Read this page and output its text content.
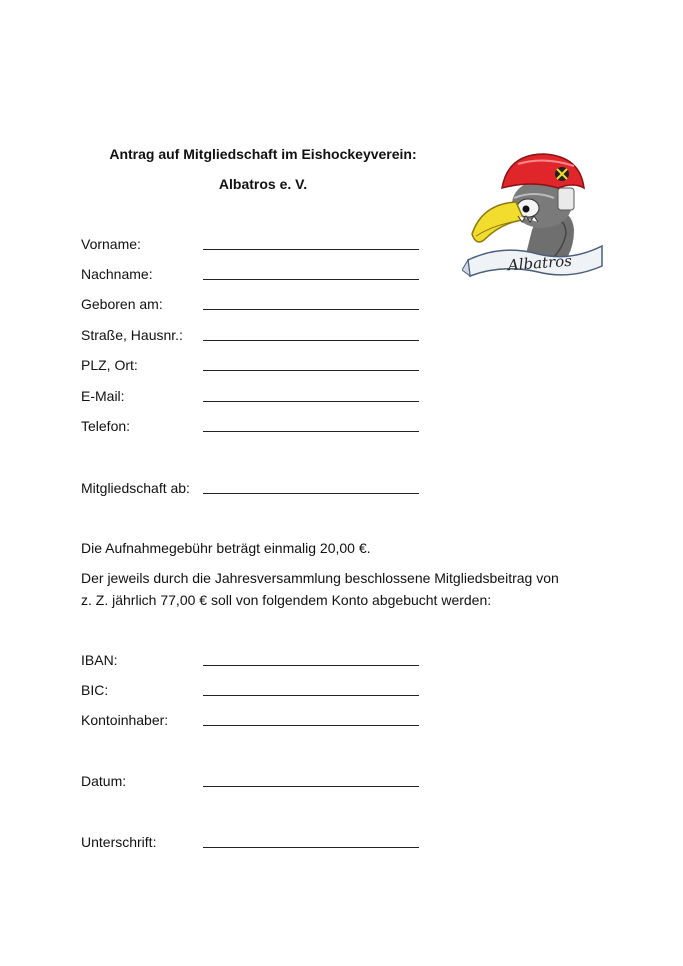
Antrag auf Mitgliedschaft im Eishockeyverein:
Albatros e. V.
Albatros
Vorname:
Nachname:
Geboren am:
Straße, Hausnr.:
PLZ, Ort:
E-Mail:
Telefon:
Mitgliedschaft ab:
Die Aufnahmegebühr beträgt einmalig 20,00 €.
Der jeweils durch die Jahresversammlung beschlossene Mitgliedsbeitrag von
z. Z. jährlich 77,00 € soll von folgendem Konto abgebucht werden:
IBAN:
BIC:
Kontoinhaber:
Datum:
Unterschrift:
